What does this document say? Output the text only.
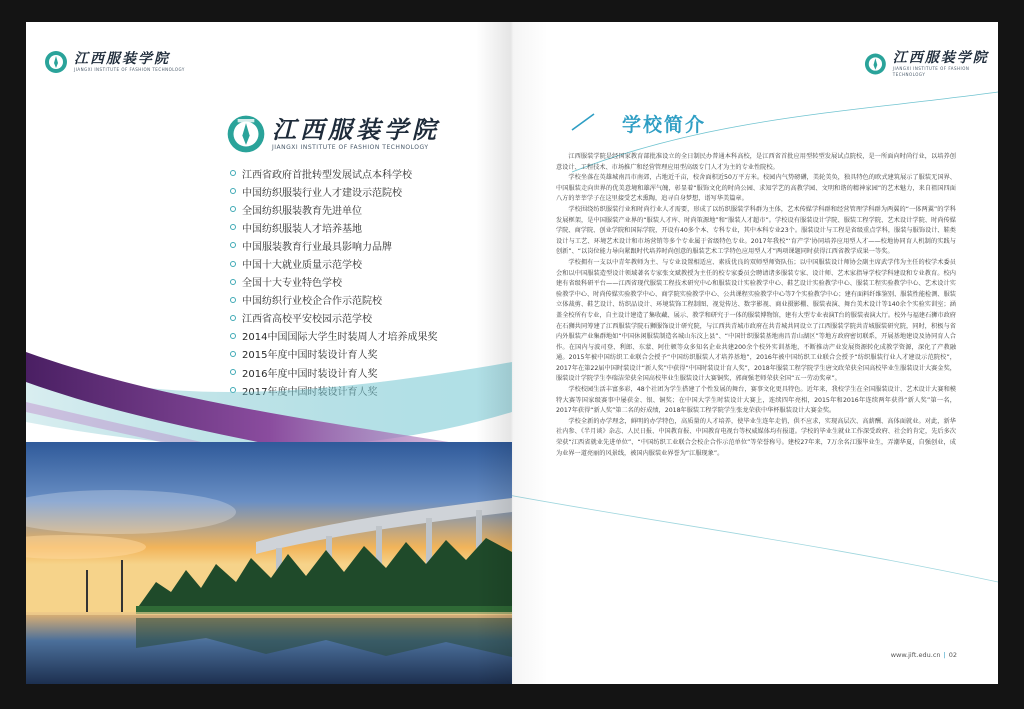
江西服装学院
JIANGXI INSTITUTE OF FASHION TECHNOLOGY
江西服装学院
JIANGXI INSTITUTE OF FASHION TECHNOLOGY
江西省政府首批转型发展试点本科学校
中国纺织服装行业人才建设示范院校
全国纺织服装教育先进单位
中国纺织服装人才培养基地
中国服装教育行业最具影响力品牌
中国十大就业质量示范学校
全国十大专业特色学校
中国纺织行业校企合作示范院校
江西省高校平安校园示范学校
2014中国国际大学生时装周人才培养成果奖
2015年度中国时装设计育人奖
2016年度中国时装设计育人奖
江西服装学院
JIANGXI INSTITUTE OF FASHION TECHNOLOGY
学校简介

江西服装学院是经国家教育部批准设立的全日制民办普通本科高校，是江西省首批应用型转型发展试点院校，是一所面向时尚行业，以培养创意设计、工程技术、市场推广和经营管理应用型高级专门人才为主的专业性院校。

学校坐落在英雄城南昌市南郊，占地近千亩，校舍面积近50万平方米。校园内气势磅礴，美轮美奂，独具特色的欧式建筑展示了服装无国界、中国服装走向世界的优美意境和雄浑气魄，彰显着“服饰文化的时尚公园、求知学艺的高教学园、文明和谐的精神家园”的艺术魅力，来自祖国四面八方的莘莘学子在这里接受艺术熏陶，追寻自身梦想，谱写华美篇章。

学校围绕纺织服装行业和时尚行业人才需要，形成了以纺织服装学科群为主体，艺术传媒学科群和经营管理学科群为两翼的“一体两翼”的学科发展框架，是中国服装产业界的“服装人才库、时尚策源地”和“服装人才超市”。学校设有服装设计学院、服装工程学院、艺术设计学院、时尚传媒学院、商学院、创业学院和国际学院，开设有40多个本、专科专业，其中本科专业23个。服装设计与工程是省级重点学科，服装与服饰设计、鞋类设计与工艺、环境艺术设计和市场营销等多个专业属于省级特色专业。2017年我校“‘育产学’协同培养应用型人才——校地协同育人机制的实践与创新”、“以岗位能力导向紧跟时代培养时尚创意的服装艺术工学特色应用型人才”两项课题同时获得江西省教学成果一等奖。

学校拥有一支以中青年教师为主、与专业设置相适应、素质优良的双师型师资队伍；以中国服装设计师协会副主席武学伟为主任的校学术委员会和以中国服装造型设计领域著名专家张文斌教授为主任的校专家委员会聘请诸多服装专家、设计师、艺术家指导学校学科建设和专业教育。校内建有省级科研平台——江西省现代服装工程技术研究中心和服装设计实验教学中心、鞋艺设计实验教学中心、服装工程实验教学中心、艺术设计实验教学中心、时尚传媒实验教学中心、商学院实验教学中心、公共课程实验教学中心等7个实验教学中心；建有面料纤维鉴别、服装性能检测、服装立体裁剪、鞋艺设计、纺织品设计、环境装饰工程制图、视觉传达、数字影视、商业摄影棚、服装表演、舞台美术设计等140余个实验实训室；涵盖全校所有专业，自主设计建造了集收藏、展示、教学和研究于一体的服装博物馆，建有大型专业表演T台的服装表演大厅。校外与福建石狮市政府在石狮共同筹建了江西服装学院石狮服饰设计研究院，与江西共青城市政府在共青城共同设立了江西服装学院共青城服装研究院，同时，积极与省内外服装产业集群地如“中国休闲服装制造名城山东汶上县”、“中国针织服装基地南昌青山湖区”等地方政府密切联系，开展基地建设及协同育人合作。在国内与波司登、利郎、东蒙、阿仕顿等众多知名企业共建200余个校外实训基地，不断推动产业发展资源转化成教学资源，深化了产教融通。2015年被中国纺织工业联合会授予“中国纺织服装人才培养基地”，2016年被中国纺织工业联合会授予“纺织服装行业人才建设示范院校”，2017年在第22届中国时装设计“新人奖”中获得“中国时装设计育人奖”，2018年服装工程学院学生唐文政荣获全国高校毕业生服装设计大赛金奖，服装设计学院学生李瑞洁荣获全国高校毕业生服装设计大赛铜奖，郭商强老师荣获全国“五一劳动奖章”。

学校校园生活丰富多彩，48个社团为学生搭建了个性发展的舞台，赛事文化更具特色。近年来，我校学生在全国服装设计、艺术设计大赛和模特大赛等国家级赛事中屡获金、银、铜奖；在中国大学生时装设计大赛上，连续四年亮相，2015年和2016年连续两年获得“新人奖”第一名，2017年获得“新人奖”第二名的好成绩，2018年服装工程学院学生张龙荣获中华杯服装设计大赛金奖。

学校全新的办学理念，鲜明的办学特色，高质量的人才培养，使毕业生连年走俏，供不应求，实现高层次、高薪酬、高体面就业。对此，新华社内参、《半月谈》杂志、人民日报、中国教育报、中国教育电视台等权威媒体均有报道。学校的毕业生就业工作深受政府、社会的肯定，先后多次荣获“江西省就业先进单位”、“中国纺织工业联合会校企合作示范单位”等荣誉称号。建校27年来，7万余名江服毕业生，弄潮华夏，自强创业，成为业界一道亮丽的风景线，被国内服装业界誉为“江服现象”。

www.jift.edu.cn | 02
